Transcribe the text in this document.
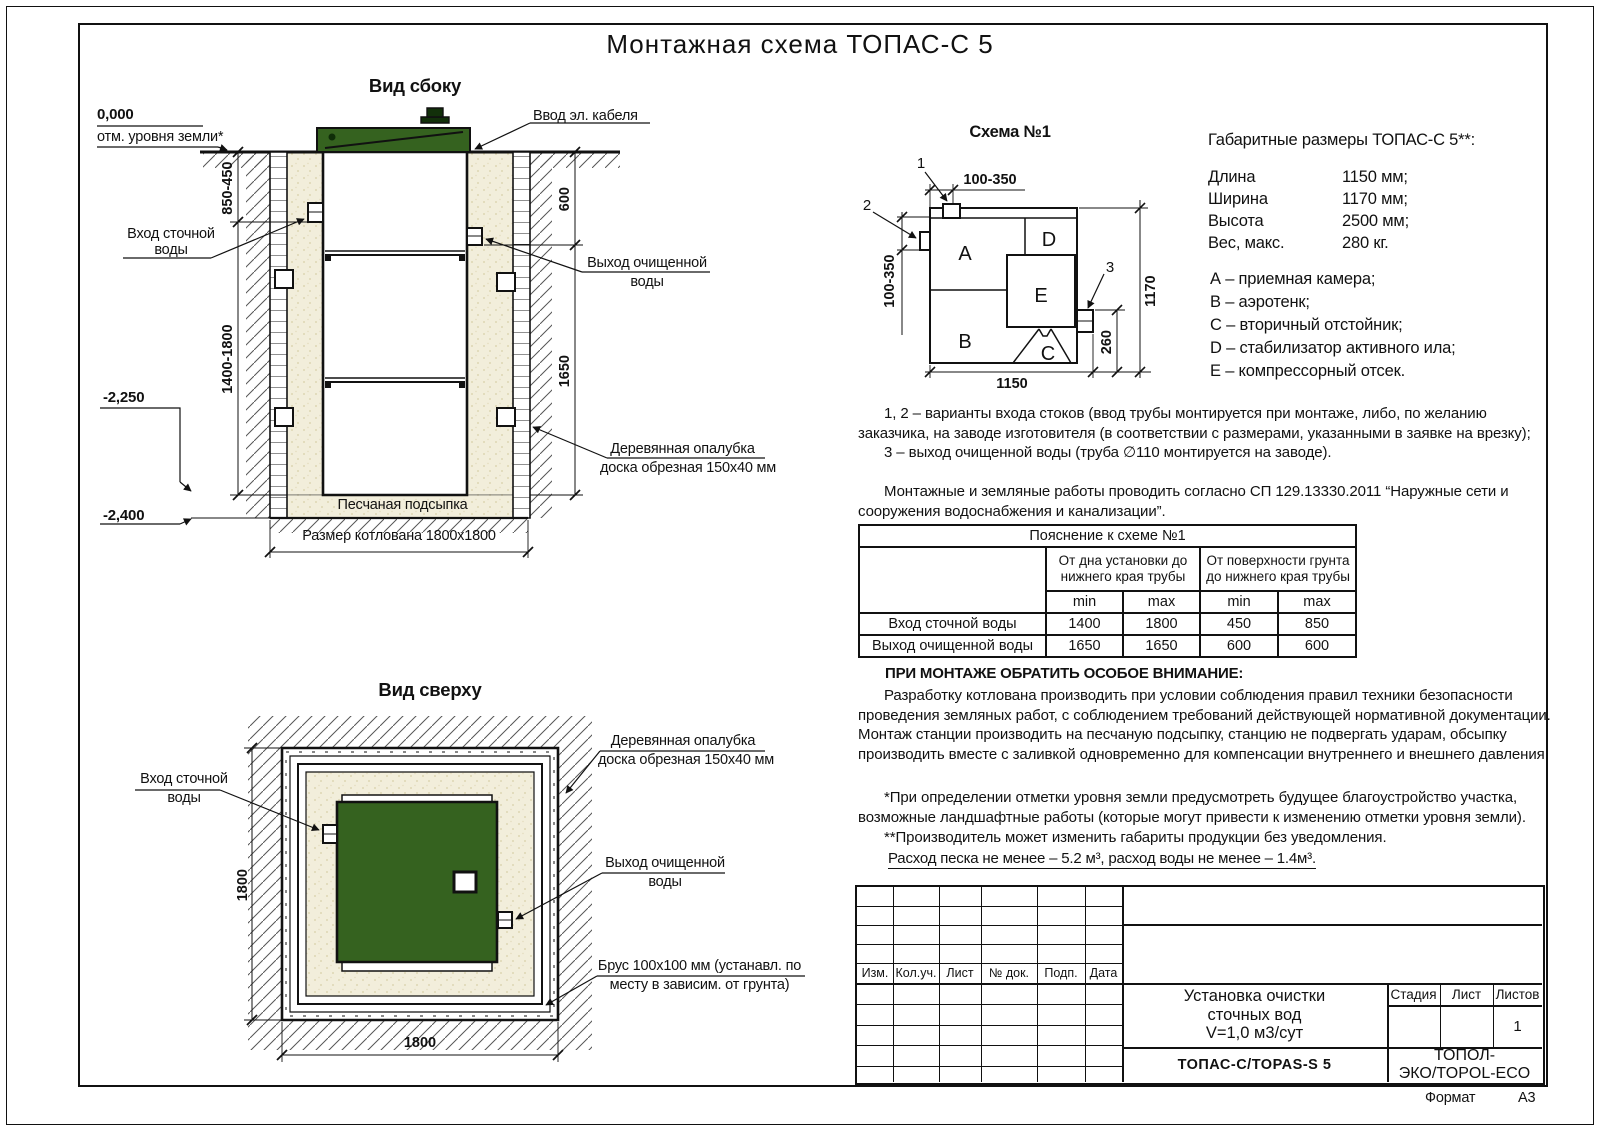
Монтажная схема ТОПАС-С 5
Вид сбоку
0,000
отм. уровня земли*
Вход сточной
воды
Ввод эл. кабеля
Выход очищенной
воды
Деревянная опалубка
доска обрезная 150х40 мм
-2,250
-2,400
Песчаная подсыпка
Размер котлована 1800х1800
850-450
1400-1800
600
1650
Вид сверху
Вход сточной
воды
Деревянная опалубка
доска обрезная 150х40 мм
Выход очищенной
воды
Брус 100х100 мм (устанавл. по
месту в зависим. от грунта)
1800
1800
Схема №1
A
B
C
D
E
1
2
3
100-350
100-350
1150
1170
260
Габаритные размеры ТОПАС-С 5**:
Длина	1150 мм;
Ширина	1170 мм;
Высота	2500 мм;
Вес, макс.	280 кг.
А – приемная камера;
В – аэротенк;
С – вторичный отстойник;
D – стабилизатор активного ила;
Е – компрессорный отсек.
1, 2 – варианты входа стоков (ввод трубы монтируется при монтаже, либо, по желанию заказчика, на заводе изготовителя (в соответствии с размерами, указанными в заявке на врезку);
3 – выход очищенной воды (труба ∅110 монтируется на заводе).
Монтажные и земляные работы проводить согласно СП 129.13330.2011 “Наружные сети и сооружения водоснабжения и канализации”.
Пояснение к схеме №1				
	От дна установки до нижнего края трубы		От поверхности грунта до нижнего края трубы	
	min	max	min	max
Вход сточной воды	1400	1800	450	850
Выход очищенной воды	1650	1650	600	600
ПРИ МОНТАЖЕ ОБРАТИТЬ ОСОБОЕ ВНИМАНИЕ:
Разработку котлована производить при условии соблюдения правил техники безопасности проведения земляных работ, с соблюдением требований действующей нормативной документации. Монтаж станции производить на песчаную подсыпку, станцию не подвергать ударам, обсыпку производить вместе с заливкой одновременно для компенсации внутреннего и внешнего давления.
*При определении отметки уровня земли предусмотреть будущее благоустройство участка, возможные ландшафтные работы (которые могут привести к изменению отметки уровня земли).
**Производитель может изменить габариты продукции без уведомления.
Расход песка не менее – 5.2 м³, расход воды не менее – 1.4м³.
Изм. Кол.уч. Лист	№ док.	Подп. Дата
Установка очистки
сточных вод
V=1,0 м3/сут
Стадия	Лист	Листов
1
ТОПАС-С/TOPAS-S 5
ТОПОЛ-ЭКО/TOPOL-ECO
Формат	А3
